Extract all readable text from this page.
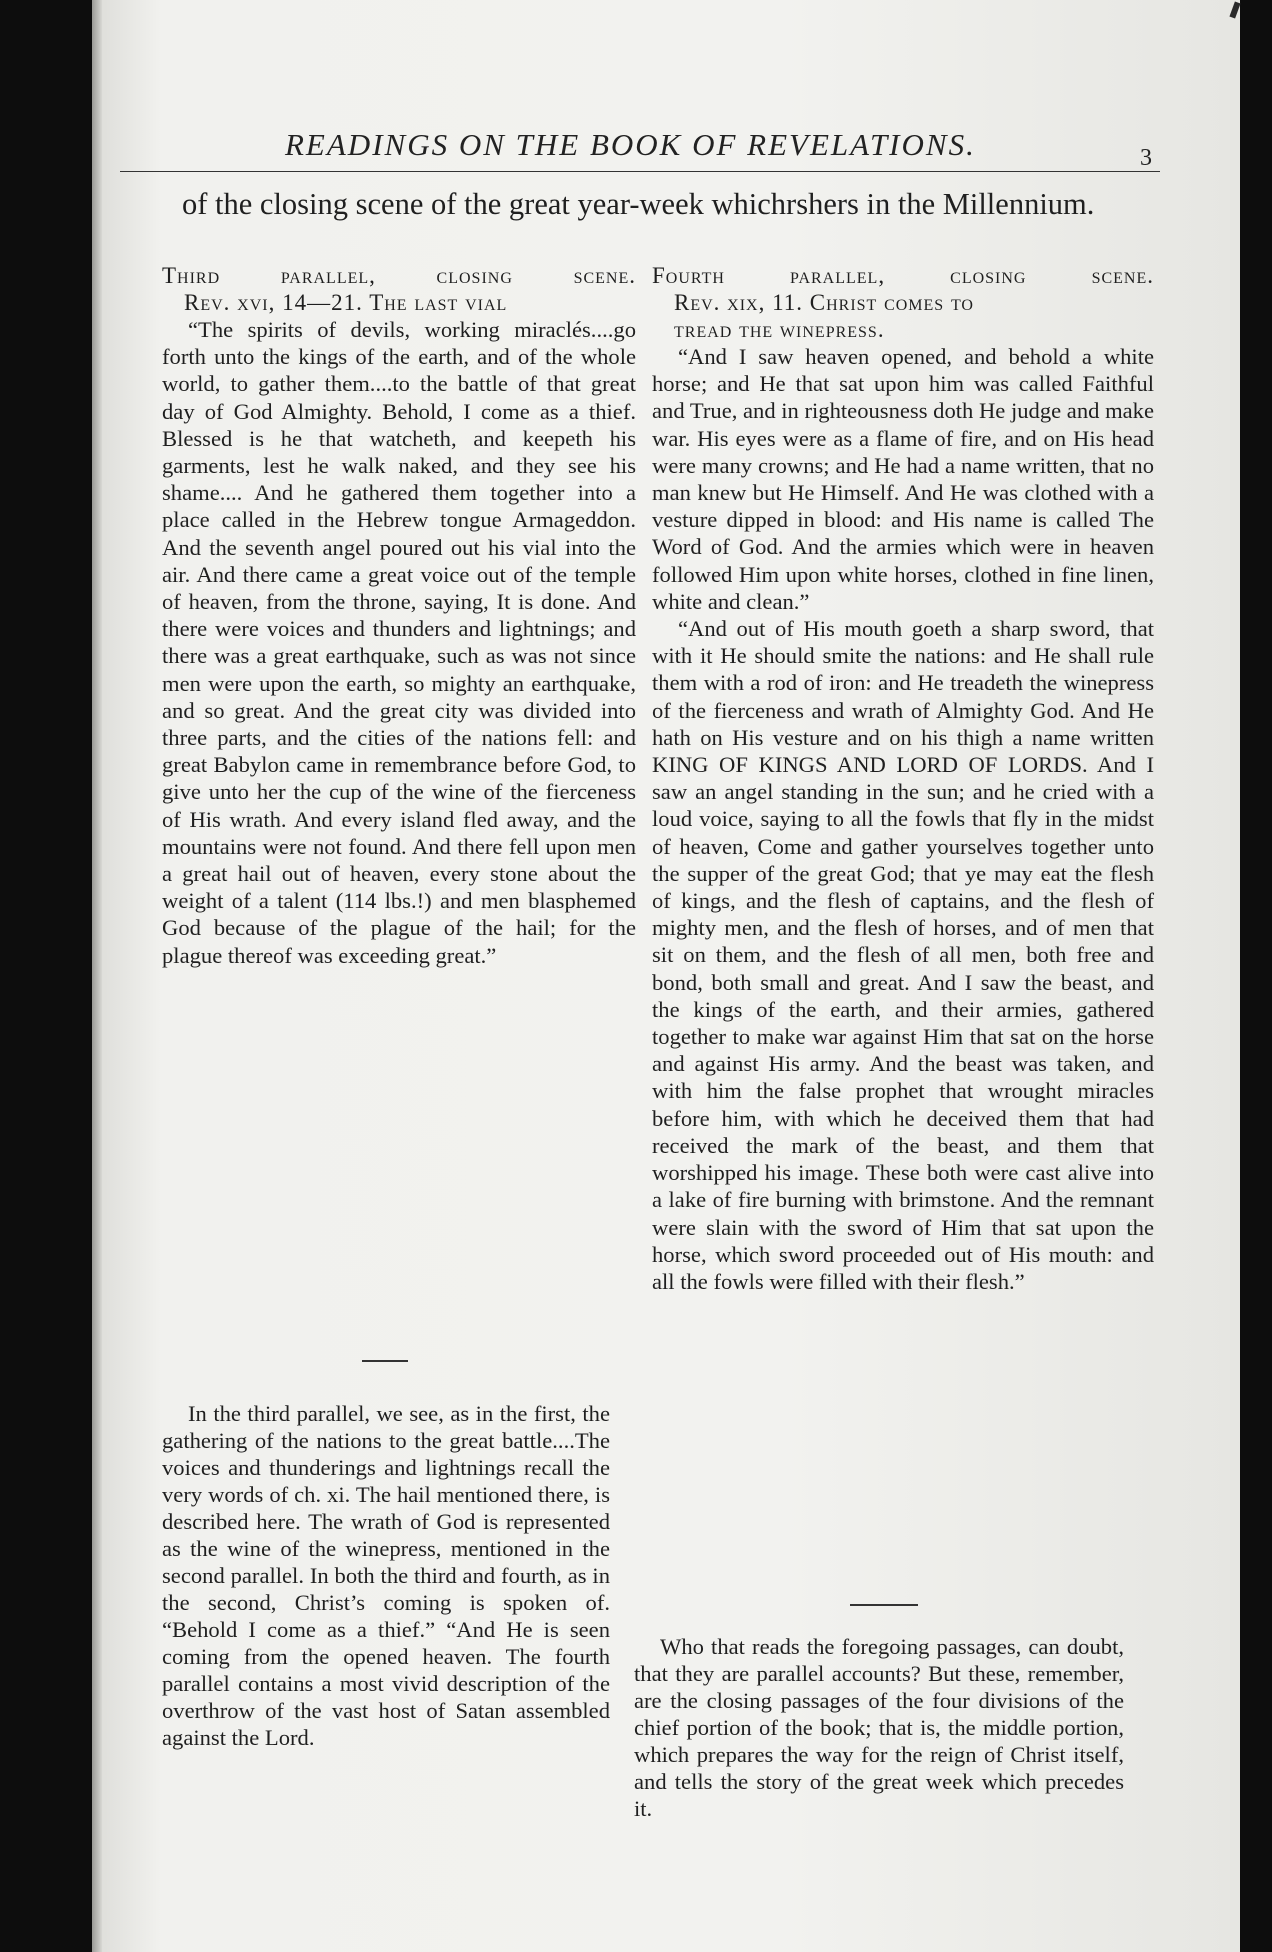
READINGS ON THE BOOK OF REVELATIONS.	3
of the closing scene of the great year-week whichrshers in the Millennium.
Third parallel, closing scene.
Rev. xvi, 14—21. The last vial

“The spirits of devils, working miraclés....go forth unto the kings of the earth, and of the whole world, to gather them....to the battle of that great day of God Almighty. Behold, I come as a thief. Blessed is he that watcheth, and keepeth his garments, lest he walk naked, and they see his shame.... And he gathered them together into a place called in the Hebrew tongue Armageddon. And the seventh angel poured out his vial into the air. And there came a great voice out of the temple of heaven, from the throne, saying, It is done. And there were voices and thunders and lightnings; and there was a great earthquake, such as was not since men were upon the earth, so mighty an earthquake, and so great. And the great city was divided into three parts, and the cities of the nations fell: and great Babylon came in remembrance before God, to give unto her the cup of the wine of the fierceness of His wrath. And every island fled away, and the mountains were not found. And there fell upon men a great hail out of heaven, every stone about the weight of a talent (114 lbs.!) and men blasphemed God because of the plague of the hail; for the plague thereof was exceeding great.”

In the third parallel, we see, as in the first, the gathering of the nations to the great battle....The voices and thunderings and lightnings recall the very words of ch. xi. The hail mentioned there, is described here. The wrath of God is represented as the wine of the winepress, mentioned in the second parallel. In both the third and fourth, as in the second, Christ’s coming is spoken of. “Behold I come as a thief.” “And He is seen coming from the opened heaven. The fourth parallel contains a most vivid description of the overthrow of the vast host of Satan assembled against the Lord.

Fourth parallel, closing scene.
Rev. xix, 11. Christ comes to
tread the winepress.

“And I saw heaven opened, and behold a white horse; and He that sat upon him was called Faithful and True, and in righteousness doth He judge and make war. His eyes were as a flame of fire, and on His head were many crowns; and He had a name written, that no man knew but He Himself. And He was clothed with a vesture dipped in blood: and His name is called The Word of God. And the armies which were in heaven followed Him upon white horses, clothed in fine linen, white and clean.”

“And out of His mouth goeth a sharp sword, that with it He should smite the nations: and He shall rule them with a rod of iron: and He treadeth the winepress of the fierceness and wrath of Almighty God. And He hath on His vesture and on his thigh a name written KING OF KINGS AND LORD OF LORDS. And I saw an angel standing in the sun; and he cried with a loud voice, saying to all the fowls that fly in the midst of heaven, Come and gather yourselves together unto the supper of the great God; that ye may eat the flesh of kings, and the flesh of captains, and the flesh of mighty men, and the flesh of horses, and of men that sit on them, and the flesh of all men, both free and bond, both small and great. And I saw the beast, and the kings of the earth, and their armies, gathered together to make war against Him that sat on the horse and against His army. And the beast was taken, and with him the false prophet that wrought miracles before him, with which he deceived them that had received the mark of the beast, and them that worshipped his image. These both were cast alive into a lake of fire burning with brimstone. And the remnant were slain with the sword of Him that sat upon the horse, which sword proceeded out of His mouth: and all the fowls were filled with their flesh.”

Who that reads the foregoing passages, can doubt, that they are parallel accounts? But these, remember, are the closing passages of the four divisions of the chief portion of the book; that is, the middle portion, which prepares the way for the reign of Christ itself, and tells the story of the great week which precedes it.
